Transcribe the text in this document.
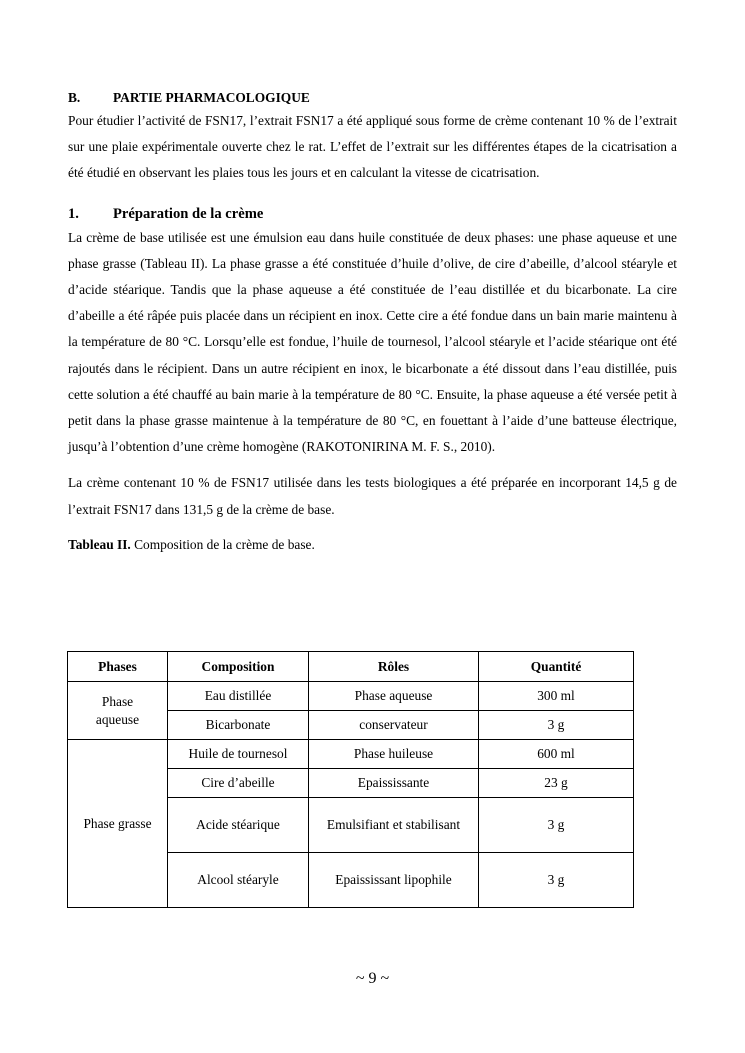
B.	PARTIE PHARMACOLOGIQUE

Pour étudier l’activité de FSN17, l’extrait FSN17 a été appliqué sous forme de crème contenant 10 % de l’extrait sur une plaie expérimentale ouverte chez le rat. L’effet de l’extrait sur les différentes étapes de la cicatrisation a été étudié en observant les plaies tous les jours et en calculant la vitesse de cicatrisation.

1.	Préparation de la crème

La crème de base utilisée est une émulsion eau dans huile constituée de deux phases: une phase aqueuse et une phase grasse (Tableau II). La phase grasse a été constituée d’huile d’olive, de cire d’abeille, d’alcool stéaryle et d’acide stéarique. Tandis que la phase aqueuse a été constituée de l’eau distillée et du bicarbonate. La cire d’abeille a été râpée puis placée dans un récipient en inox. Cette cire a été fondue dans un bain marie maintenu à la température de 80 °C. Lorsqu’elle est fondue, l’huile de tournesol, l’alcool stéaryle et l’acide stéarique ont été rajoutés dans le récipient. Dans un autre récipient en inox, le bicarbonate a été dissout dans l’eau distillée, puis cette solution a été chauffé au bain marie à la température de 80 °C. Ensuite, la phase aqueuse a été versée petit à petit dans la phase grasse maintenue à la température de 80 °C, en fouettant à l’aide d’une batteuse électrique, jusqu’à l’obtention d’une crème homogène (RAKOTONIRINA M. F. S., 2010).

La crème contenant 10 % de FSN17 utilisée dans les tests biologiques a été préparée en incorporant 14,5 g de l’extrait FSN17 dans 131,5 g de la crème de base.

Tableau II. Composition de la crème de base.
Phases	Composition	Rôles	Quantité
Phase
aqueuse	Eau distillée	Phase aqueuse	300 ml
	Bicarbonate	conservateur	3 g
Phase grasse	Huile de tournesol	Phase huileuse	600 ml
	Cire d’abeille	Epaississante	23 g
	Acide stéarique	Emulsifiant et stabilisant	3 g
	Alcool stéaryle	Epaississant lipophile	3 g
~ 9 ~
